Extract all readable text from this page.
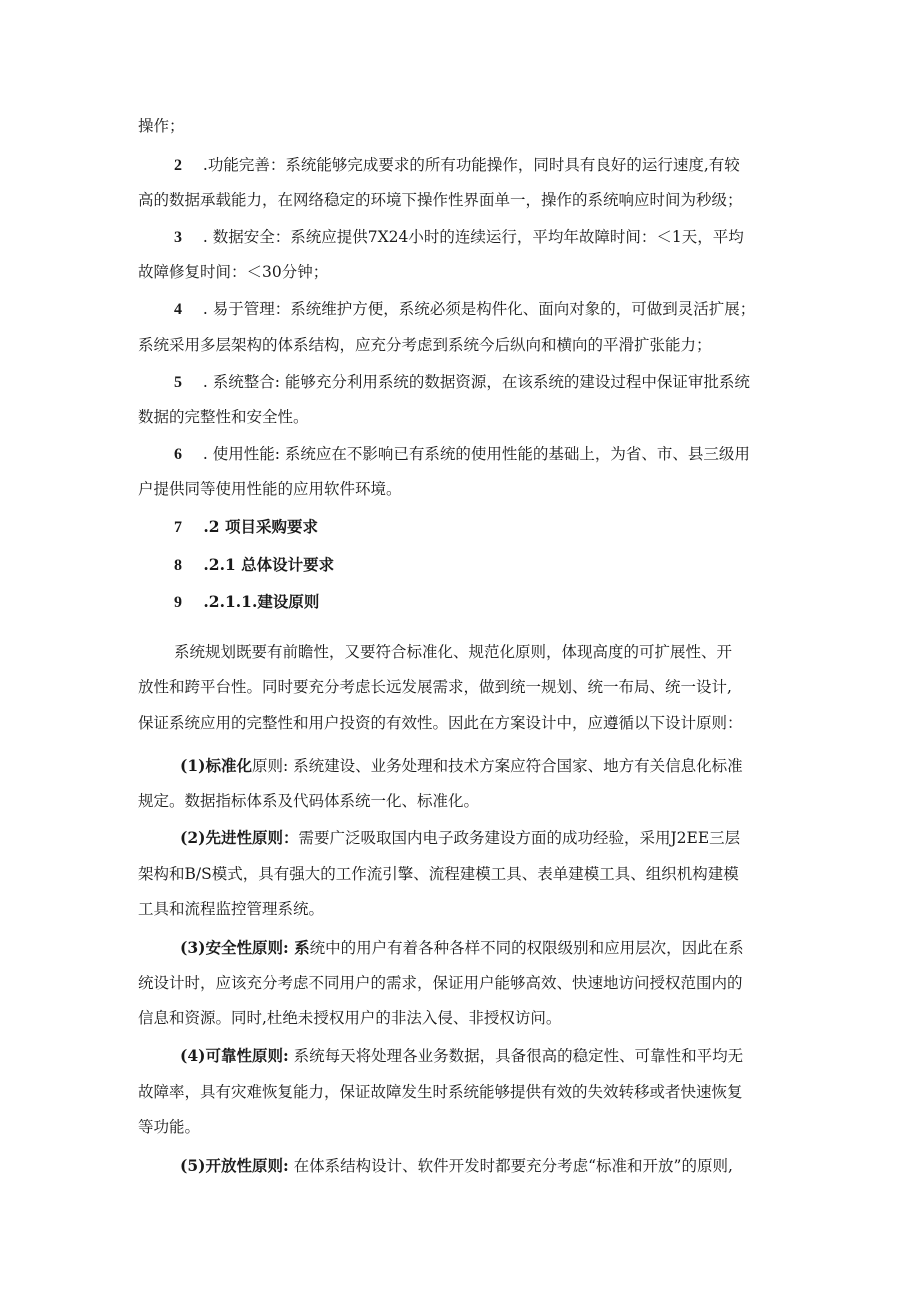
操作；
2 .功能完善：系统能够完成要求的所有功能操作，同时具有良好的运行速度,有较
高的数据承载能力，在网络稳定的环境下操作性界面单一，操作的系统响应时间为秒级；
3 . 数据安全：系统应提供7X24小时的连续运行，平均年故障时间：＜1天，平均
故障修复时间：＜30分钟；
4 . 易于管理：系统维护方便，系统必须是构件化、面向对象的，可做到灵活扩展；
系统采用多层架构的体系结构，应充分考虑到系统今后纵向和横向的平滑扩张能力；
5 . 系统整合: 能够充分利用系统的数据资源，在该系统的建设过程中保证审批系统
数据的完整性和安全性。
6 . 使用性能: 系统应在不影响已有系统的使用性能的基础上，为省、市、县三级用
户提供同等使用性能的应用软件环境。
7 .2 项目采购要求
8 .2.1 总体设计要求
9 .2.1.1.建设原则
系统规划既要有前瞻性，又要符合标准化、规范化原则，体现高度的可扩展性、开
放性和跨平台性。同时要充分考虑长远发展需求，做到统一规划、统一布局、统一设计,
保证系统应用的完整性和用户投资的有效性。因此在方案设计中，应遵循以下设计原则：
(1)标准化原则: 系统建设、业务处理和技术方案应符合国家、地方有关信息化标准
规定。数据指标体系及代码体系统一化、标准化。
(2)先进性原则：需要广泛吸取国内电子政务建设方面的成功经验，采用J2EE三层
架构和B/S模式，具有强大的工作流引擎、流程建模工具、表单建模工具、组织机构建模
工具和流程监控管理系统。
(3)安全性原则: 系统中的用户有着各种各样不同的权限级别和应用层次，因此在系
统设计时，应该充分考虑不同用户的需求，保证用户能够高效、快速地访问授权范围内的
信息和资源。同时,杜绝未授权用户的非法入侵、非授权访问。
(4)可靠性原则: 系统每天将处理各业务数据，具备很高的稳定性、可靠性和平均无
故障率，具有灾难恢复能力，保证故障发生时系统能够提供有效的失效转移或者快速恢复
等功能。
(5)开放性原则: 在体系结构设计、软件开发时都要充分考虑“标准和开放”的原则,
